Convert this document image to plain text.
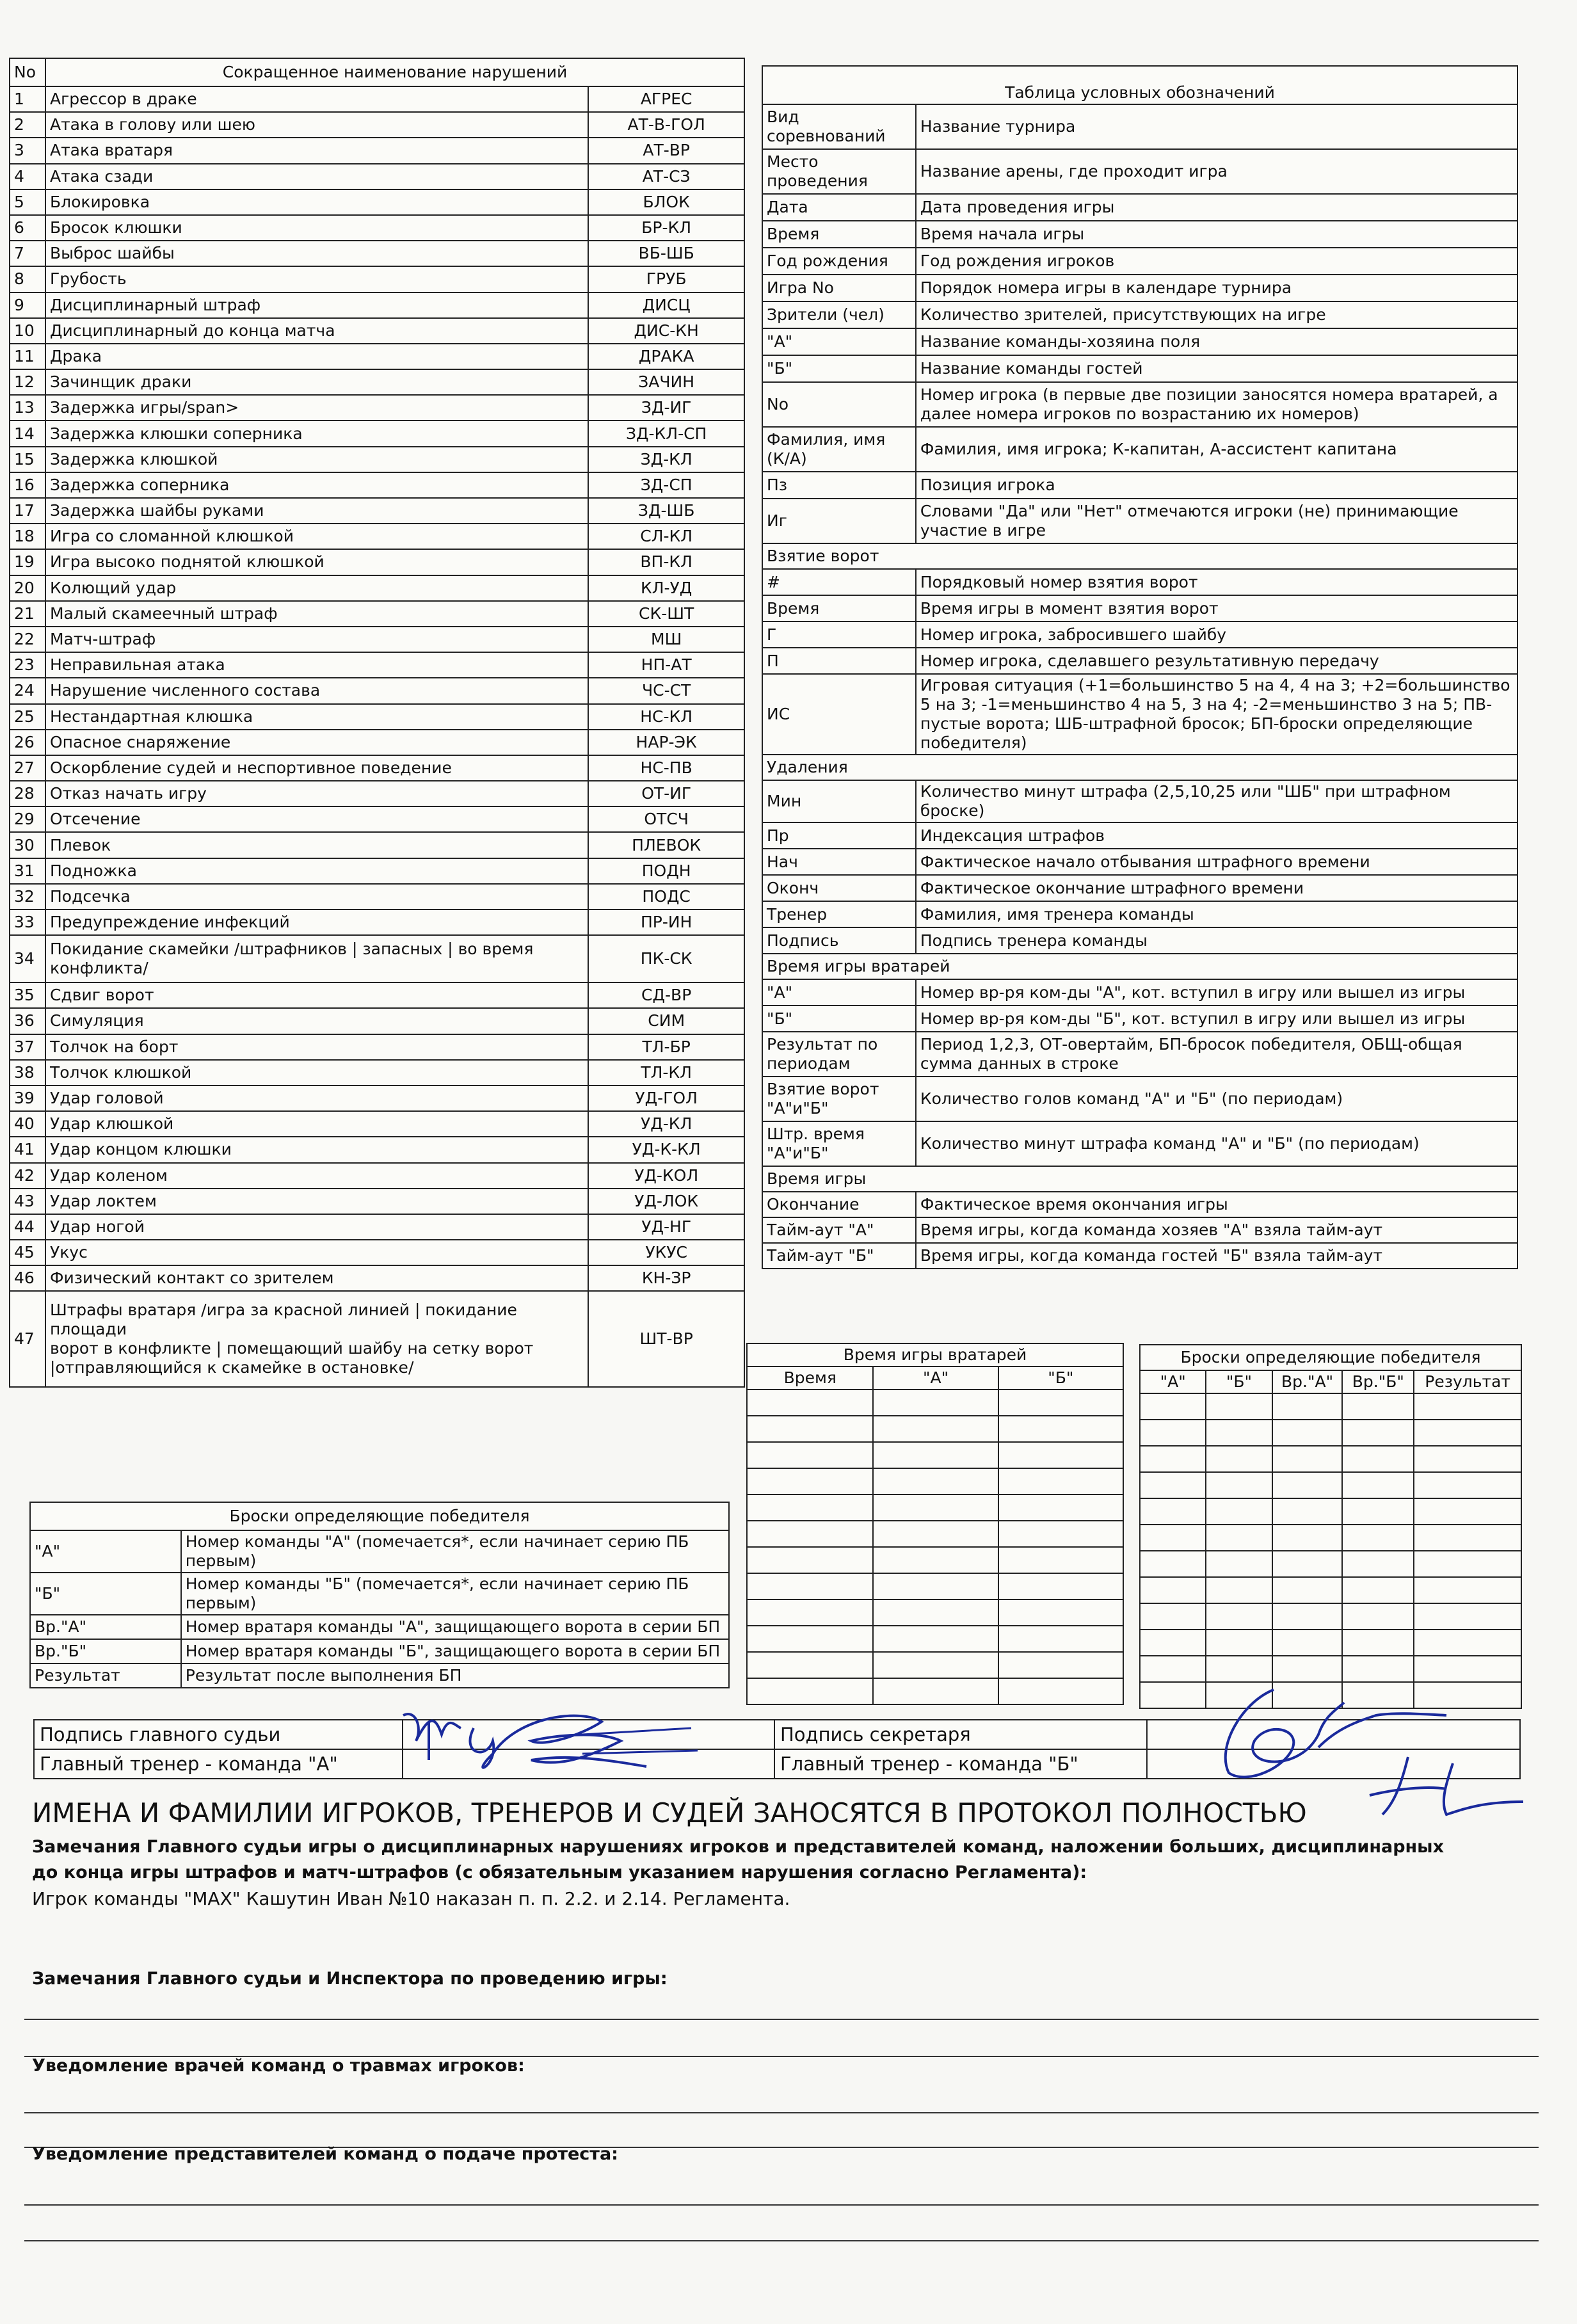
No	Сокращенное наименование нарушений	
1	Агрессор в драке	АГРЕС
2	Атака в голову или шею	АТ-В-ГОЛ
3	Атака вратаря	АТ-ВР
4	Атака сзади	АТ-СЗ
5	Блокировка	БЛОК
6	Бросок клюшки	БР-КЛ
7	Выброс шайбы	ВБ-ШБ
8	Грубость	ГРУБ
9	Дисциплинарный штраф	ДИСЦ
10	Дисциплинарный до конца матча	ДИС-КН
11	Драка	ДРАКА
12	Зачинщик драки	ЗАЧИН
13	Задержка игры/span>	ЗД-ИГ
14	Задержка клюшки соперника	ЗД-КЛ-СП
15	Задержка клюшкой	ЗД-КЛ
16	Задержка соперника	ЗД-СП
17	Задержка шайбы руками	ЗД-ШБ
18	Игра со сломанной клюшкой	СЛ-КЛ
19	Игра высоко поднятой клюшкой	ВП-КЛ
20	Колющий удар	КЛ-УД
21	Малый скамеечный штраф	СК-ШТ
22	Матч-штраф	МШ
23	Неправильная атака	НП-АТ
24	Нарушение численного состава	ЧС-СТ
25	Нестандартная клюшка	НС-КЛ
26	Опасное снаряжение	НАР-ЭК
27	Оскорбление судей и неспортивное поведение	НС-ПВ
28	Отказ начать игру	ОТ-ИГ
29	Отсечение	ОТСЧ
30	Плевок	ПЛЕВОК
31	Подножка	ПОДН
32	Подсечка	ПОДС
33	Предупреждение инфекций	ПР-ИН
34	Покидание скамейки /штрафников | запасных | во время конфликта/	ПК-СК
35	Сдвиг ворот	СД-ВР
36	Симуляция	СИМ
37	Толчок на борт	ТЛ-БР
38	Толчок клюшкой	ТЛ-КЛ
39	Удар головой	УД-ГОЛ
40	Удар клюшкой	УД-КЛ
41	Удар концом клюшки	УД-К-КЛ
42	Удар коленом	УД-КОЛ
43	Удар локтем	УД-ЛОК
44	Удар ногой	УД-НГ
45	Укус	УКУС
46	Физический контакт со зрителем	КН-ЗР
47	Штрафы вратаря /игра за красной линией | покидание площади
ворот в конфликте | помещающий шайбу на сетку ворот
|отправляющийся к скамейке в остановке/	ШТ-ВР
Таблица условных обозначений	
Вид соревнований	Название турнира
Место проведения	Название арены, где проходит игра
Дата	Дата проведения игры
Время	Время начала игры
Год рождения	Год рождения игроков
Игра No	Порядок номера игры в календаре турнира
Зрители (чел)	Количество зрителей, присутствующих на игре
"А"	Название команды-хозяина поля
"Б"	Название команды гостей
No	Номер игрока (в первые две позиции заносятся номера вратарей, а далее номера игроков по возрастанию их номеров)
Фамилия, имя (К/А)	Фамилия, имя игрока; К-капитан, А-ассистент капитана
Пз	Позиция игрока
Иг	Словами "Да" или "Нет" отмечаются игроки (не) принимающие участие в игре
Взятие ворот	
#	Порядковый номер взятия ворот
Время	Время игры в момент взятия ворот
Г	Номер игрока, забросившего шайбу
П	Номер игрока, сделавшего результативную передачу
ИС	Игровая ситуация (+1=большинство 5 на 4, 4 на 3; +2=большинство 5 на 3; -1=меньшинство 4 на 5, 3 на 4; -2=меньшинство 3 на 5; ПВ- пустые ворота; ШБ-штрафной бросок; БП-броски определяющие победителя)
Удаления	
Мин	Количество минут штрафа (2,5,10,25 или "ШБ" при штрафном броске)
Пр	Индексация штрафов
Нач	Фактическое начало отбывания штрафного времени
Оконч	Фактическое окончание штрафного времени
Тренер	Фамилия, имя тренера команды
Подпись	Подпись тренера команды
Время игры вратарей	
"А"	Номер вр-ря ком-ды "А", кот. вступил в игру или вышел из игры
"Б"	Номер вр-ря ком-ды "Б", кот. вступил в игру или вышел из игры
Результат по периодам	Период 1,2,3, ОТ-овертайм, БП-бросок победителя, ОБЩ-общая сумма данных в строке
Взятие ворот "А"и"Б"	Количество голов команд "А" и "Б" (по периодам)
Штр. время "А"и"Б"	Количество минут штрафа команд "А" и "Б" (по периодам)
Время игры	
Окончание	Фактическое время окончания игры
Тайм-аут "А"	Время игры, когда команда хозяев "А" взяла тайм-аут
Тайм-аут "Б"	Время игры, когда команда гостей "Б" взяла тайм-аут
Броски определяющие победителя	
"А"	Номер команды "А" (помечается*, если начинает серию ПБ первым)
"Б"	Номер команды "Б" (помечается*, если начинает серию ПБ первым)
Вр."А"	Номер вратаря команды "А", защищающего ворота в серии БП
Вр."Б"	Номер вратаря команды "Б", защищающего ворота в серии БП
Результат	Результат после выполнения БП
Время игры вратарей		
Время	"А"	"Б"

Броски определяющие победителя				
"А"	"Б"	Вр."А"	Вр."Б"	Результат

Подпись главного судьи		Подпись секретаря	
Главный тренер - команда "А"		Главный тренер - команда "Б"	
ИМЕНА И ФАМИЛИИ ИГРОКОВ, ТРЕНЕРОВ И СУДЕЙ ЗАНОСЯТСЯ В ПРОТОКОЛ ПОЛНОСТЬЮ
Замечания Главного судьи игры о дисциплинарных нарушениях игроков и представителей команд, наложении больших, дисциплинарных
до конца игры штрафов и матч-штрафов (с обязательным указанием нарушения согласно Регламента):
Игрок команды "МАХ" Кашутин Иван №10 наказан п. п. 2.2. и 2.14. Регламента.
Замечания Главного судьи и Инспектора по проведению игры:
Уведомление врачей команд о травмах игроков:
Уведомление представителей команд о подаче протеста:
